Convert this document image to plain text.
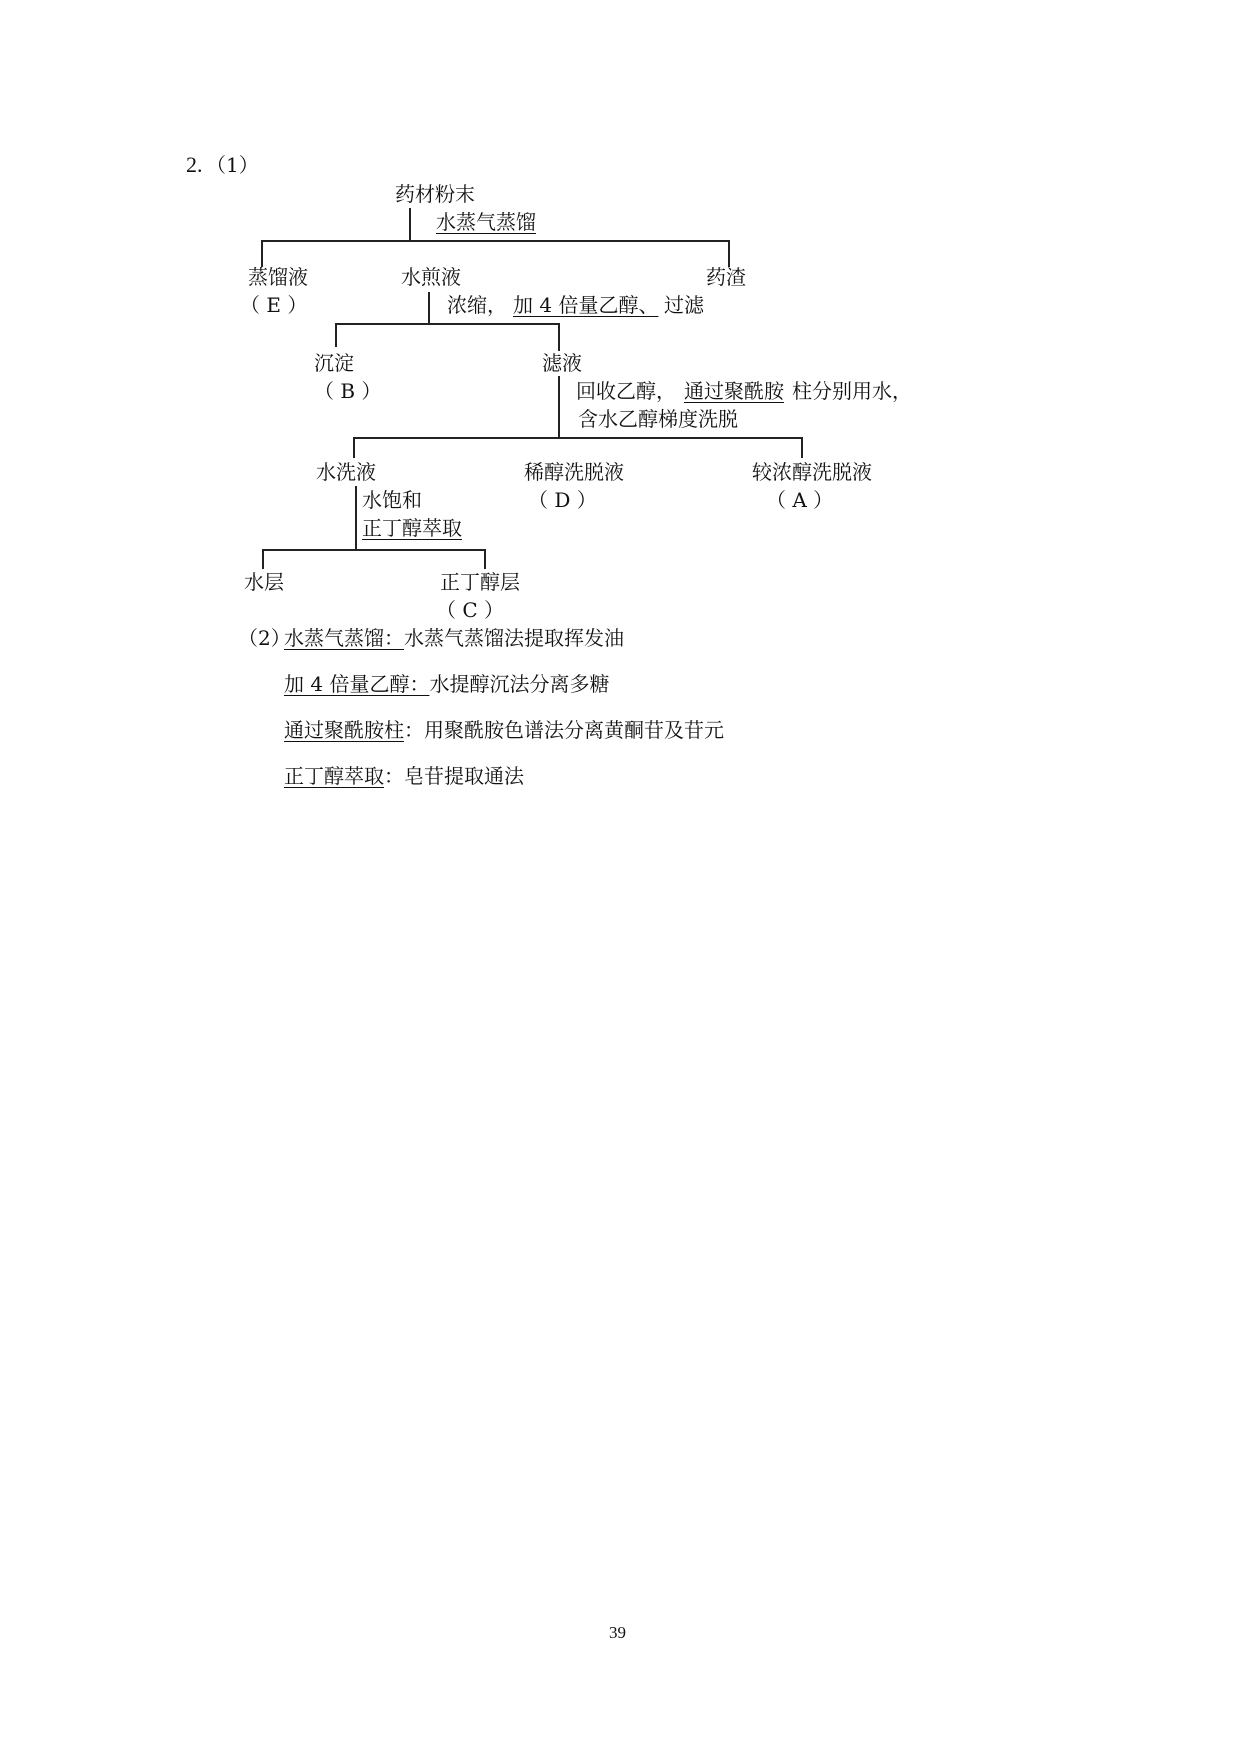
2. （1）
药材粉末
水蒸气蒸馏
蒸馏液
（ E ）
水煎液	药渣
浓缩， 加 4 倍量乙醇、 过滤
沉淀
（ B ）
滤液
回收乙醇， 通过聚酰胺 柱分别用水，
含水乙醇梯度洗脱
水洗液	稀醇洗脱液
（ D ）
较浓醇洗脱液
（ A ）
水饱和
正丁醇萃取
水层	正丁醇层
（ C ）
（2）
水蒸气蒸馏：水蒸气蒸馏法提取挥发油
加 4 倍量乙醇：水提醇沉法分离多糖
通过聚酰胺柱：用聚酰胺色谱法分离黄酮苷及苷元
正丁醇萃取：皂苷提取通法
39
